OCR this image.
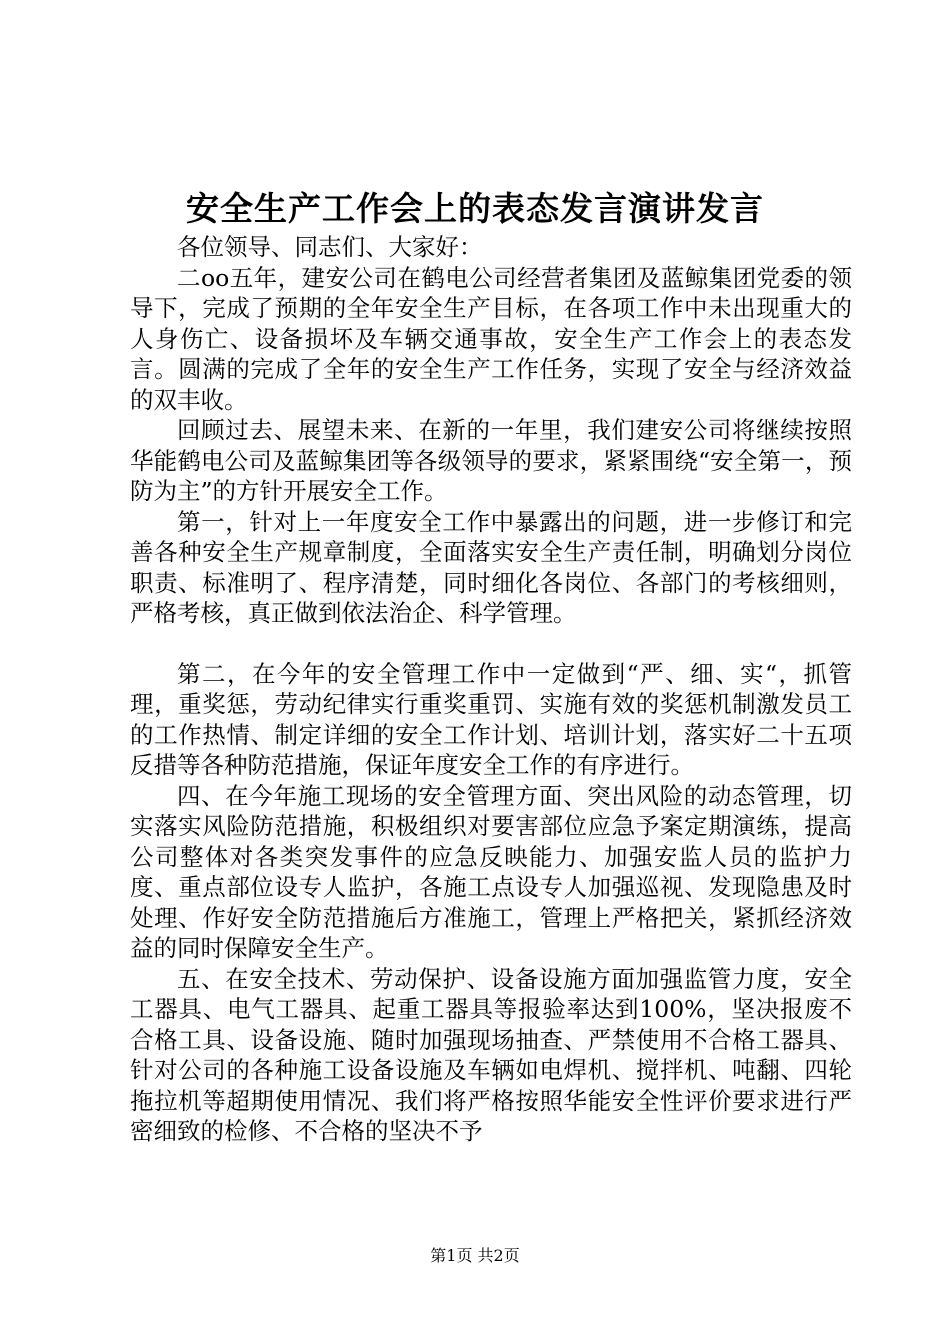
安全生产工作会上的表态发言演讲发言

各位领导、同志们、大家好：

二oo五年，建安公司在鹤电公司经营者集团及蓝鲸集团党委的领导下，完成了预期的全年安全生产目标，在各项工作中未出现重大的人身伤亡、设备损坏及车辆交通事故，安全生产工作会上的表态发言。圆满的完成了全年的安全生产工作任务，实现了安全与经济效益的双丰收。

回顾过去、展望未来、在新的一年里，我们建安公司将继续按照华能鹤电公司及蓝鲸集团等各级领导的要求，紧紧围绕“安全第一，预防为主”的方针开展安全工作。

第一，针对上一年度安全工作中暴露出的问题，进一步修订和完善各种安全生产规章制度，全面落实安全生产责任制，明确划分岗位职责、标准明了、程序清楚，同时细化各岗位、各部门的考核细则，严格考核，真正做到依法治企、科学管理。

第二，在今年的安全管理工作中一定做到“严、细、实“，抓管理，重奖惩，劳动纪律实行重奖重罚、实施有效的奖惩机制激发员工的工作热情、制定详细的安全工作计划、培训计划，落实好二十五项反措等各种防范措施，保证年度安全工作的有序进行。

四、在今年施工现场的安全管理方面、突出风险的动态管理，切实落实风险防范措施，积极组织对要害部位应急予案定期演练，提高公司整体对各类突发事件的应急反映能力、加强安监人员的监护力度、重点部位设专人监护，各施工点设专人加强巡视、发现隐患及时处理、作好安全防范措施后方准施工，管理上严格把关，紧抓经济效益的同时保障安全生产。

五、在安全技术、劳动保护、设备设施方面加强监管力度，安全工器具、电气工器具、起重工器具等报验率达到100%，坚决报废不合格工具、设备设施、随时加强现场抽查、严禁使用不合格工器具、针对公司的各种施工设备设施及车辆如电焊机、搅拌机、吨翻、四轮拖拉机等超期使用情况、我们将严格按照华能安全性评价要求进行严密细致的检修、不合格的坚决不予

第1页 共2页
